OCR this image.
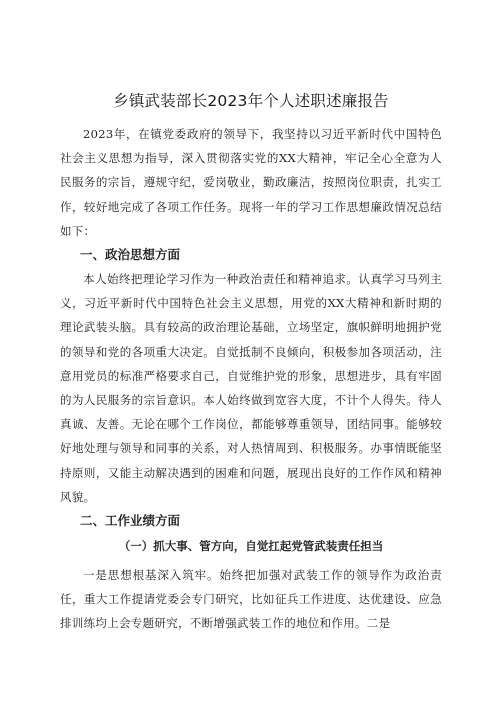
乡镇武装部长2023年个人述职述廉报告

2023年，在镇党委政府的领导下，我坚持以习近平新时代中国特色社会主义思想为指导，深入贯彻落实党的XX大精神，牢记全心全意为人民服务的宗旨，遵规守纪，爱岗敬业，勤政廉洁，按照岗位职责，扎实工作，较好地完成了各项工作任务。现将一年的学习工作思想廉政情况总结如下：

一、政治思想方面

本人始终把理论学习作为一种政治责任和精神追求。认真学习马列主义，习近平新时代中国特色社会主义思想，用党的XX大精神和新时期的理论武装头脑。具有较高的政治理论基础，立场坚定，旗帜鲜明地拥护党的领导和党的各项重大决定。自觉抵制不良倾向，积极参加各项活动，注意用党员的标准严格要求自己，自觉维护党的形象，思想进步，具有牢固的为人民服务的宗旨意识。本人始终做到宽容大度，不计个人得失。待人真诚、友善。无论在哪个工作岗位，都能够尊重领导，团结同事。能够较好地处理与领导和同事的关系，对人热情周到、积极服务。办事情既能坚持原则，又能主动解决遇到的困难和问题，展现出良好的工作作风和精神风貌。

二、工作业绩方面
（一）抓大事、管方向，自觉扛起党管武装责任担当

一是思想根基深入筑牢。始终把加强对武装工作的领导作为政治责任，重大工作提请党委会专门研究，比如征兵工作进度、达优建设、应急排训练均上会专题研究，不断增强武装工作的地位和作用。二是
